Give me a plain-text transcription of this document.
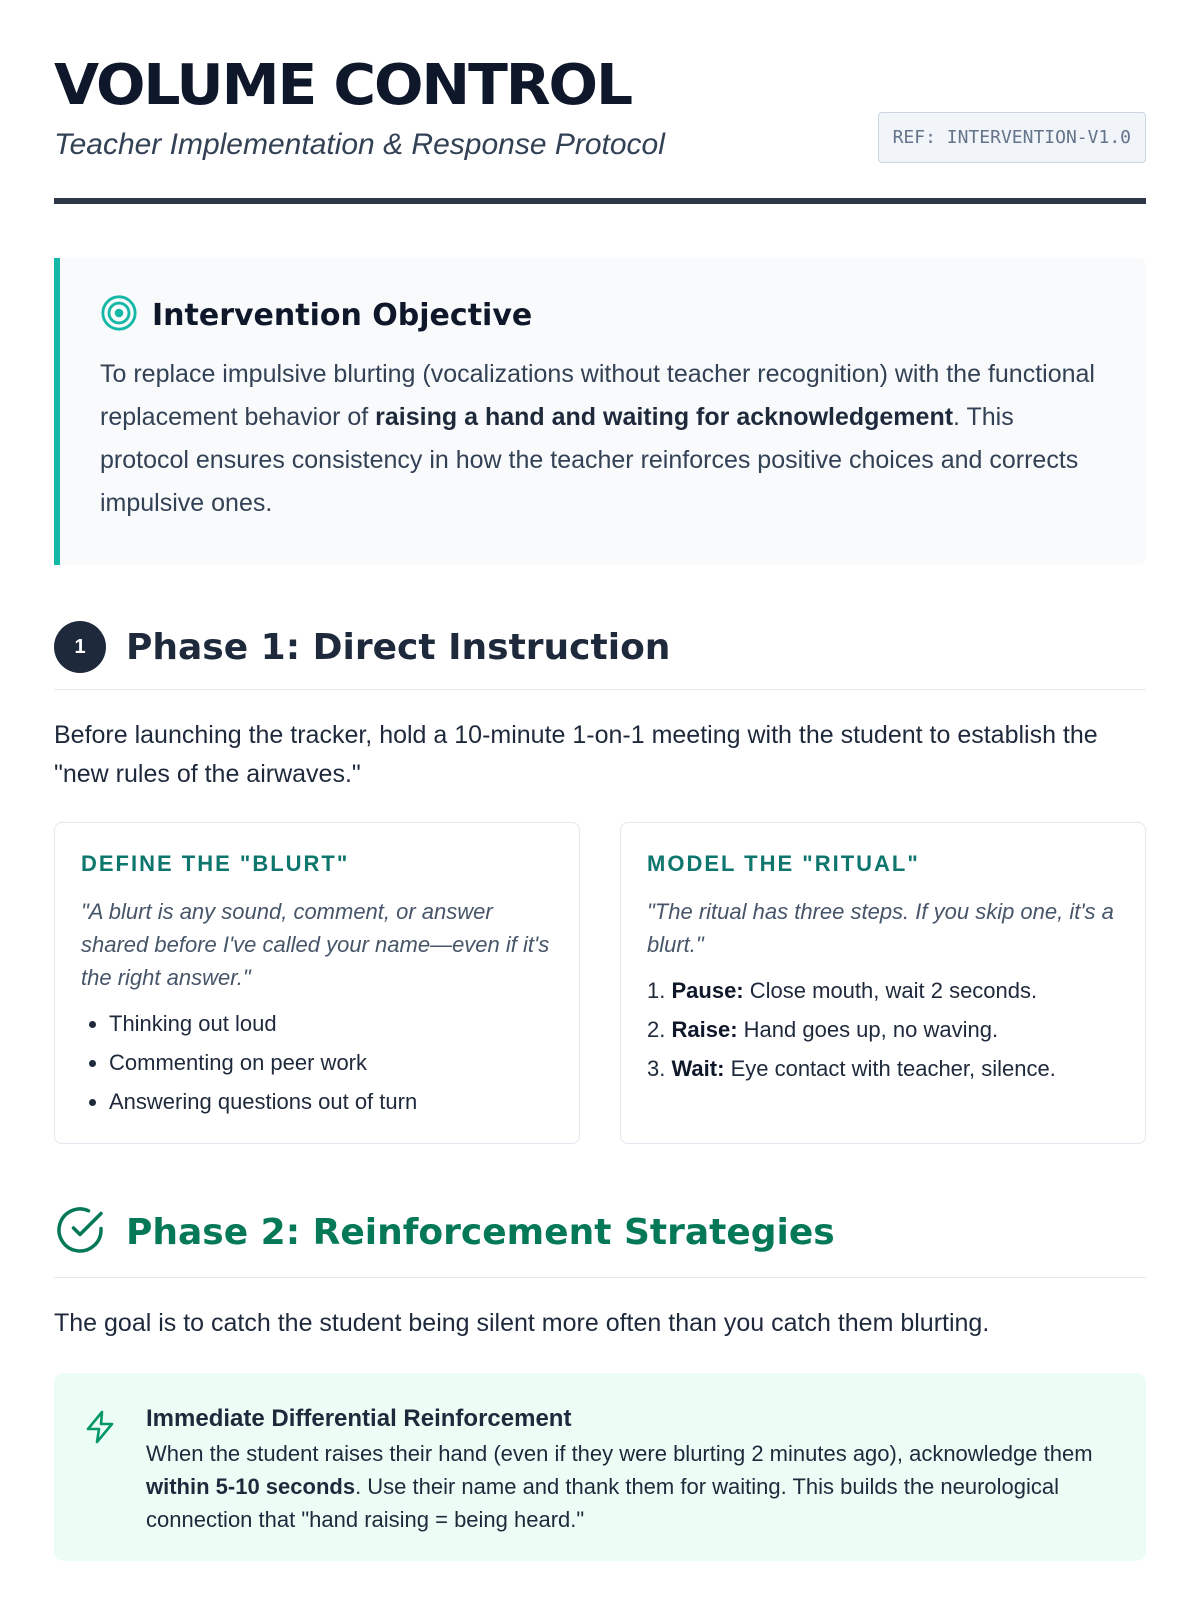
VOLUME CONTROL
Teacher Implementation & Response Protocol	REF: INTERVENTION-V1.0
Intervention Objective
To replace impulsive blurting (vocalizations without teacher recognition) with the functional replacement behavior of raising a hand and waiting for acknowledgement. This protocol ensures consistency in how the teacher reinforces positive choices and corrects impulsive ones.
1	Phase 1: Direct Instruction
Before launching the tracker, hold a 10-minute 1-on-1 meeting with the student to establish the "new rules of the airwaves."
DEFINE THE "BLURT"
"A blurt is any sound, comment, or answer shared before I've called your name—even if it's the right answer."
• Thinking out loud
• Commenting on peer work
• Answering questions out of turn
MODEL THE "RITUAL"
"The ritual has three steps. If you skip one, it's a blurt."
1. Pause: Close mouth, wait 2 seconds.
2. Raise: Hand goes up, no waving.
3. Wait: Eye contact with teacher, silence.
Phase 2: Reinforcement Strategies
The goal is to catch the student being silent more often than you catch them blurting.
Immediate Differential Reinforcement
When the student raises their hand (even if they were blurting 2 minutes ago), acknowledge them within 5-10 seconds. Use their name and thank them for waiting. This builds the neurological connection that "hand raising = being heard."
